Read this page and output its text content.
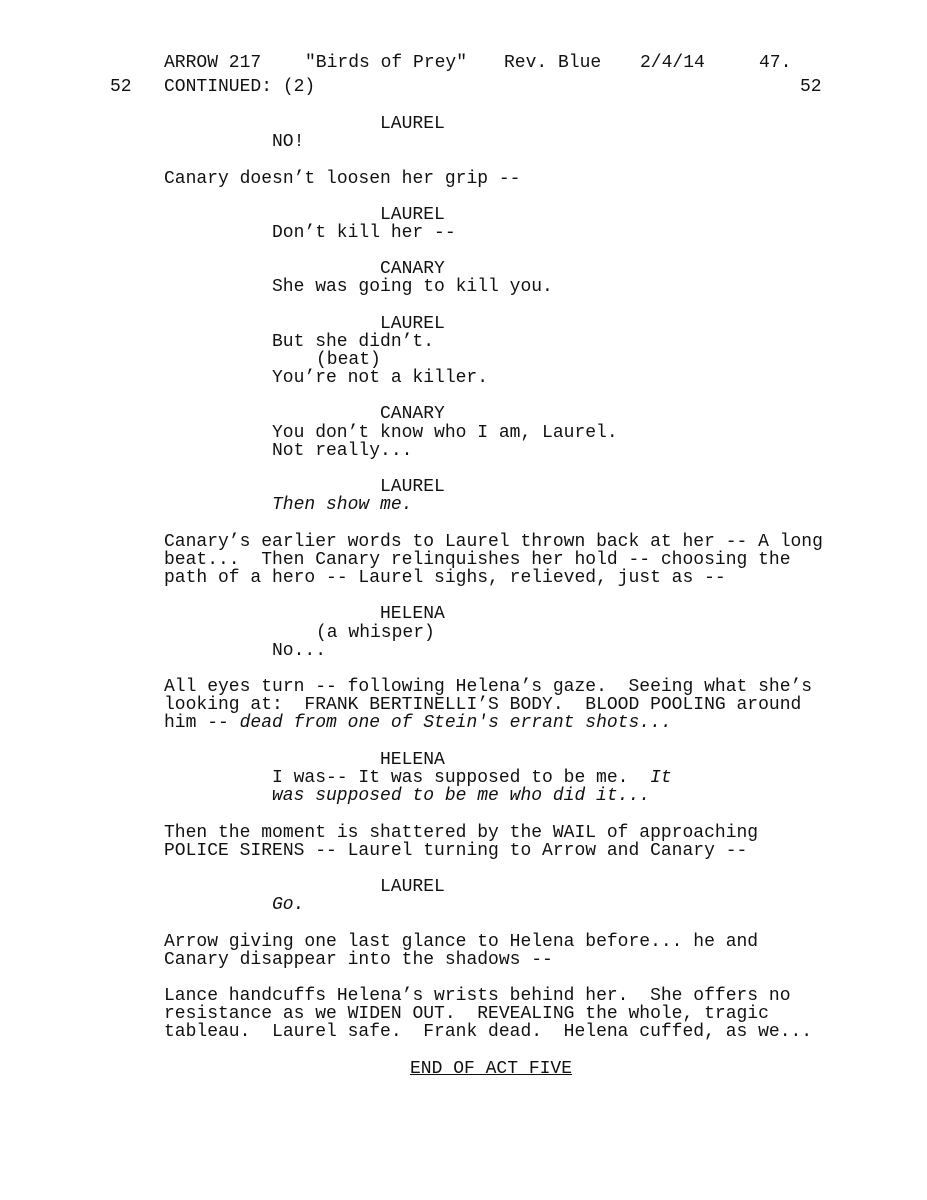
ARROW 217 "Birds of Prey" Rev. Blue 2/4/14	47.
52 CONTINUED: (2)	52
LAUREL
NO!
Canary doesn’t loosen her grip --
LAUREL
Don’t kill her --
CANARY
She was going to kill you.
LAUREL
But she didn’t.
(beat)
You’re not a killer.
CANARY
You don’t know who I am, Laurel.
Not really...
LAUREL
Then show me.
Canary’s earlier words to Laurel thrown back at her -- A long
beat...  Then Canary relinquishes her hold -- choosing the
path of a hero -- Laurel sighs, relieved, just as --
HELENA
(a whisper)
No...
All eyes turn -- following Helena’s gaze.  Seeing what she’s
looking at:  FRANK BERTINELLI’S BODY.  BLOOD POOLING around
him -- dead from one of Stein's errant shots...
HELENA
I was-- It was supposed to be me.  It
was supposed to be me who did it...
Then the moment is shattered by the WAIL of approaching
POLICE SIRENS -- Laurel turning to Arrow and Canary --
LAUREL
Go.
Arrow giving one last glance to Helena before... he and
Canary disappear into the shadows --
Lance handcuffs Helena’s wrists behind her.  She offers no
resistance as we WIDEN OUT.  REVEALING the whole, tragic
tableau.  Laurel safe.  Frank dead.  Helena cuffed, as we...
END OF ACT FIVE
